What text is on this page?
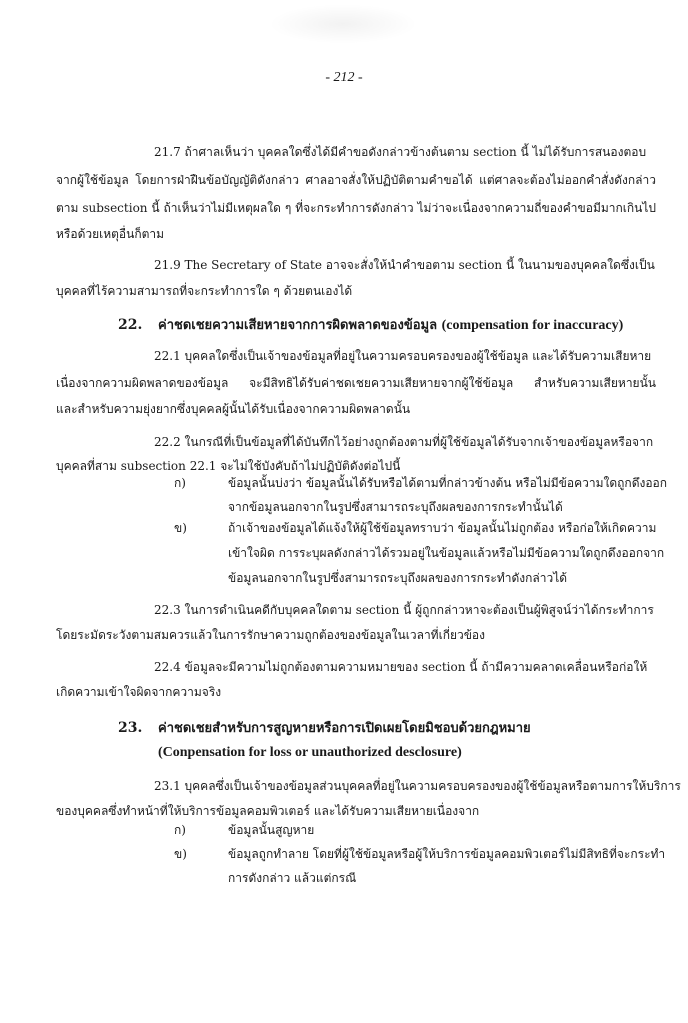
- 212 -
21.7 ถ้าศาลเห็นว่า บุคคลใดซึ่งได้มีคำขอดังกล่าวข้างต้นตาม section นี้ ไม่ได้รับการสนองตอบ
จากผู้ใช้ข้อมูล โดยการฝ่าฝืนข้อบัญญัติดังกล่าว ศาลอาจสั่งให้ปฏิบัติตามคำขอได้ แต่ศาลจะต้องไม่ออกคำสั่งดังกล่าว
ตาม subsection นี้ ถ้าเห็นว่าไม่มีเหตุผลใด ๆ ที่จะกระทำการดังกล่าว ไม่ว่าจะเนื่องจากความถี่ของคำขอมีมากเกินไป
หรือด้วยเหตุอื่นก็ตาม
21.9 The Secretary of State อาจจะสั่งให้นำคำขอตาม section นี้ ในนามของบุคคลใดซึ่งเป็น
บุคคลที่ไร้ความสามารถที่จะกระทำการใด ๆ ด้วยตนเองได้
22. ค่าชดเชยความเสียหายจากการผิดพลาดของข้อมูล (compensation for inaccuracy)
22.1 บุคคลใดซึ่งเป็นเจ้าของข้อมูลที่อยู่ในความครอบครองของผู้ใช้ข้อมูล และได้รับความเสียหาย
เนื่องจากความผิดพลาดของข้อมูล จะมีสิทธิได้รับค่าชดเชยความเสียหายจากผู้ใช้ข้อมูล สำหรับความเสียหายนั้น
และสำหรับความยุ่งยากซึ่งบุคคลผู้นั้นได้รับเนื่องจากความผิดพลาดนั้น
22.2 ในกรณีที่เป็นข้อมูลที่ได้บันทึกไว้อย่างถูกต้องตามที่ผู้ใช้ข้อมูลได้รับจากเจ้าของข้อมูลหรือจาก
บุคคลที่สาม subsection 22.1 จะไม่ใช้บังคับถ้าไม่ปฏิบัติดังต่อไปนี้
ก)	ข้อมูลนั้นบ่งว่า ข้อมูลนั้นได้รับหรือได้ตามที่กล่าวข้างต้น หรือไม่มีข้อความใดถูกดึงออก
จากข้อมูลนอกจากในรูปซึ่งสามารถระบุถึงผลของการกระทำนั้นได้
ข)	ถ้าเจ้าของข้อมูลได้แจ้งให้ผู้ใช้ข้อมูลทราบว่า ข้อมูลนั้นไม่ถูกต้อง หรือก่อให้เกิดความ
เข้าใจผิด การระบุผลดังกล่าวได้รวมอยู่ในข้อมูลแล้วหรือไม่มีข้อความใดถูกดึงออกจาก
ข้อมูลนอกจากในรูปซึ่งสามารถระบุถึงผลของการกระทำดังกล่าวได้
22.3 ในการดำเนินคดีกับบุคคลใดตาม section นี้ ผู้ถูกกล่าวหาจะต้องเป็นผู้พิสูจน์ว่าได้กระทำการ
โดยระมัดระวังตามสมควรแล้วในการรักษาความถูกต้องของข้อมูลในเวลาที่เกี่ยวข้อง
22.4 ข้อมูลจะมีความไม่ถูกต้องตามความหมายของ section นี้ ถ้ามีความคลาดเคลื่อนหรือก่อให้
เกิดความเข้าใจผิดจากความจริง
23. ค่าชดเชยสำหรับการสูญหายหรือการเปิดเผยโดยมิชอบด้วยกฎหมาย
(Conpensation for loss or unauthorized desclosure)
23.1 บุคคลซึ่งเป็นเจ้าของข้อมูลส่วนบุคคลที่อยู่ในความครอบครองของผู้ใช้ข้อมูลหรือตามการให้บริการ
ของบุคคลซึ่งทำหน้าที่ให้บริการข้อมูลคอมพิวเตอร์ และได้รับความเสียหายเนื่องจาก
ก)	ข้อมูลนั้นสูญหาย
ข)	ข้อมูลถูกทำลาย โดยที่ผู้ใช้ข้อมูลหรือผู้ให้บริการข้อมูลคอมพิวเตอร์ไม่มีสิทธิที่จะกระทำ
การดังกล่าว แล้วแต่กรณี
